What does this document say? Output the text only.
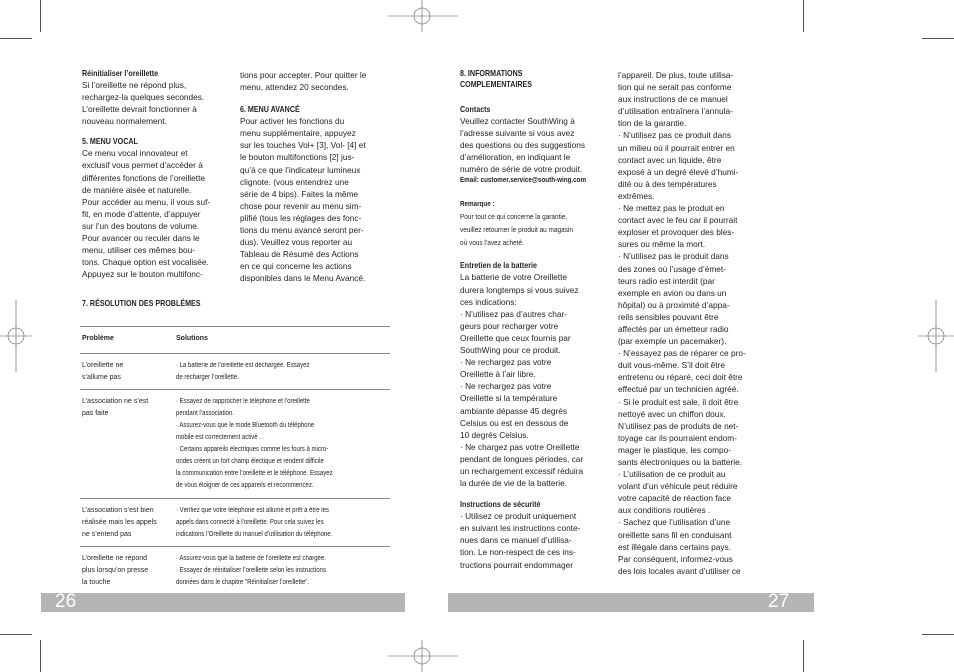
Réinitialiser l’oreillette
Si l’oreillette ne répond plus,
rechargez-la quelques secondes.
L’oreillette devrait fonctionner à
nouveau normalement.
5. MENU VOCAL
Ce menu vocal innovateur et
exclusif vous permet d’accéder à
différentes fonctions de l’oreillette
de manière aisée et naturelle.
Pour accéder au menu, il vous suf-
fit, en mode d’attente, d’appuyer
sur l’un des boutons de volume.
Pour avancer ou reculer dans le
menu, utiliser ces mêmes bou-
tons. Chaque option est vocalisée.
Appuyez sur le bouton multifonc-
tions pour accepter. Pour quitter le
menu, attendez 20 secondes.
6. MENU AVANCÉ
Pour activer les fonctions du
menu supplémentaire, appuyez
sur les touches Vol+ [3], Vol- [4] et
le bouton multifonctions [2] jus-
qu’à ce que l’indicateur lumineux
clignote. (vous entendrez une
série de 4 bips). Faites la même
chose pour revenir au menu sim-
plifié (tous les réglages des fonc-
tions du menu avancé seront per-
dus). Veuillez vous reporter au
Tableau de Résumé des Actions
en ce qui concerne les actions
disponibles dans le Menu Avancé.
7. RÉSOLUTION DES PROBLÉMES
Problème	Solutions
L’oreillette ne
s’allume pas
· La batterie de l’oreillette est déchargée. Essayez
de recharger l’oreillette.
L’association ne s’est
pas faite
· Essayez de rapprocher le téléphone et l’oreillette
pendant l’association.
· Assurez-vous que le mode Bluetooth du téléphone
mobile est correctement activé .
· Certains appareils électriques comme les fours à micro-
ondes créent un fort champ électique et rendent difficile
la communication entre l’oreillette et le téléphone. Essayez
de vous éloigner de ces appareils et recommencez.
L’association s’est bien
réalisée mais les appels
ne s’entend pas
· Vérifiez que votre téléphone est allumé et prêt à être les
appels dans connecté à l’oreillette. Pour cela suivez les
indications l’Oreillette du manuel d’utilisation du téléphone.
L’oreillette ne répond
plus lorsqu’on presse
la touche
· Assurez-vous que la batterie de l’oreillette est chargée.
· Essayez de réinitialiser l’oreillette selon les instructions
données dans le chapitre "Réinitialiser l’oreillette".
8. INFORMATIONS
COMPLEMENTAIRES
Contacts
Veuillez contacter SouthWing à
l’adresse suivante si vous avez
des questions ou des suggestions
d’amélioration, en indiquant le
numéro de série de votre produit.
Email: customer.service@south-wing.com
Remarque :
Pour tout ce qui concerne la garantie,
veuillez retourner le produit au magasin
où vous l’avez acheté.
Entretien de la batterie
La batterie de votre Oreillette
durera longtemps si vous suivez
ces indications:
· N’utilisez pas d’autres char-
geurs pour recharger votre
Oreillette que ceux fournis par
SouthWing pour ce produit.
· Ne rechargez pas votre
Oreillette à l’air libre.
· Ne rechargez pas votre
Oreillette si la température
ambiante dépasse 45 degrés
Celsius ou est en dessous de
10 degrés Celsius.
· Ne chargez pas votre Oreillette
pendant de longues périodes, car
un rechargement excessif réduira
la durée de vie de la batterie.
Instructions de sécurité
· Utilisez ce produit uniquement
en suivant les instructions conte-
nues dans ce manuel d’utilisa-
tion. Le non-respect de ces ins-
tructions pourrait endommager
l’appareil. De plus, toute utilisa-
tion qui ne serait pas conforme
aux instructions de ce manuel
d’utilisation entraînera l’annula-
tion de la garantie.
· N’utilisez pas ce produit dans
un milieu où il pourrait entrer en
contact avec un liquide, être
exposé à un degré élevé d’humi-
dité ou à des températures
extrêmes.
· Ne mettez pas le produit en
contact avec le feu car il pourrait
exploser et provoquer des bles-
sures ou même la mort.
· N’utilisez pas le produit dans
des zones où l’usage d’émet-
teurs radio est interdit (par
exemple en avion ou dans un
hôpital) ou à proximité d’appa-
reils sensibles pouvant être
affectés par un émetteur radio
(par exemple un pacemaker).
· N’essayez pas de réparer ce pro-
duit vous-même. S’il doit être
entretenu ou réparé, ceci doit être
effectué par un technicien agréé.
· Si le produit est sale, il doit être
nettoyé avec un chiffon doux.
N’utilisez pas de produits de net-
toyage car ils pourraient endom-
mager le plastique, les compo-
sants électroniques ou la batterie.
· L’utilisation de ce produit au
volant d’un véhicule peut réduire
votre capacité de réaction face
aux conditions routières .
· Sachez que l’utilisation d’une
oreillette sans fil en conduisant
est illégale dans certains pays.
Par conséquent, informez-vous
des lois locales avant d’utiliser ce
26	27
